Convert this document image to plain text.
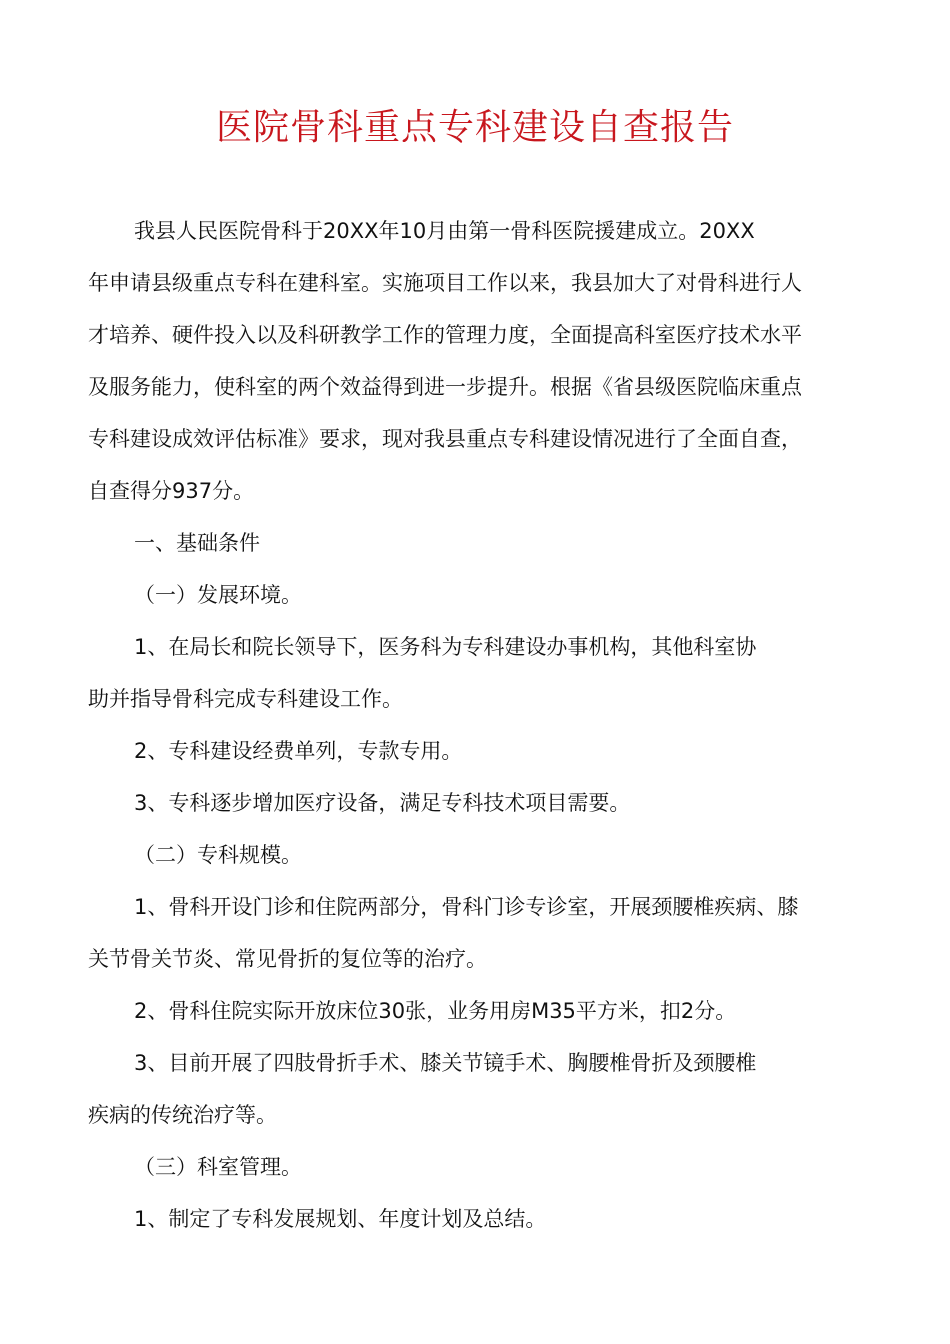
医院骨科重点专科建设自查报告
我县人民医院骨科于20XX年10月由第一骨科医院援建成立。20XX
年申请县级重点专科在建科室。实施项目工作以来，我县加大了对骨科进行人
才培养、硬件投入以及科研教学工作的管理力度，全面提高科室医疗技术水平
及服务能力，使科室的两个效益得到进一步提升。根据《省县级医院临床重点
专科建设成效评估标准》要求，现对我县重点专科建设情况进行了全面自查，
自查得分937分。
一、基础条件
（一）发展环境。
1、在局长和院长领导下，医务科为专科建设办事机构，其他科室协
助并指导骨科完成专科建设工作。
2、专科建设经费单列，专款专用。
3、专科逐步增加医疗设备，满足专科技术项目需要。
（二）专科规模。
1、骨科开设门诊和住院两部分，骨科门诊专诊室，开展颈腰椎疾病、膝
关节骨关节炎、常见骨折的复位等的治疗。
2、骨科住院实际开放床位30张，业务用房M35平方米，扣2分。
3、目前开展了四肢骨折手术、膝关节镜手术、胸腰椎骨折及颈腰椎
疾病的传统治疗等。
（三）科室管理。
1、制定了专科发展规划、年度计划及总结。
